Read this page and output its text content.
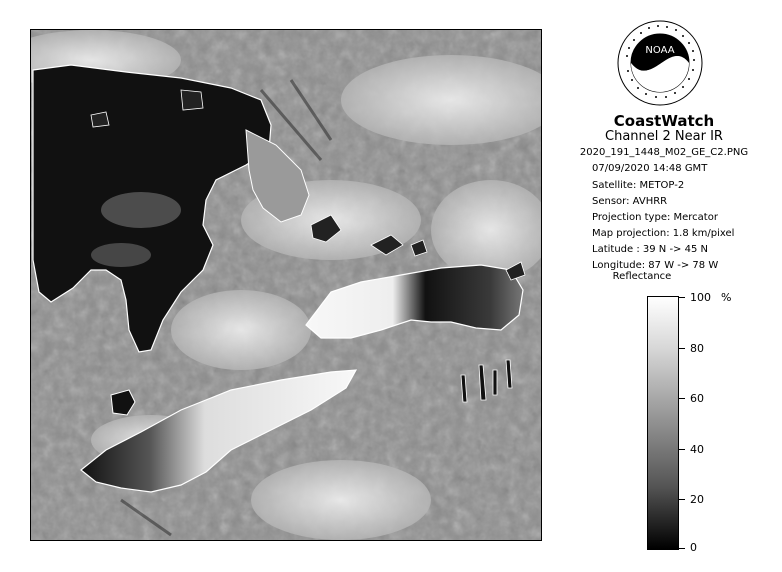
NOAA
CoastWatch
Channel 2 Near IR
2020_191_1448_M02_GE_C2.PNG
07/09/2020 14:48 GMT
Satellite: METOP-2
Sensor: AVHRR
Projection type: Mercator
Map projection: 1.8 km/pixel
Latitude : 39 N -> 45 N
Longitude: 87 W -> 78 W
Reflectance
%
100
80
60
40
20
0
